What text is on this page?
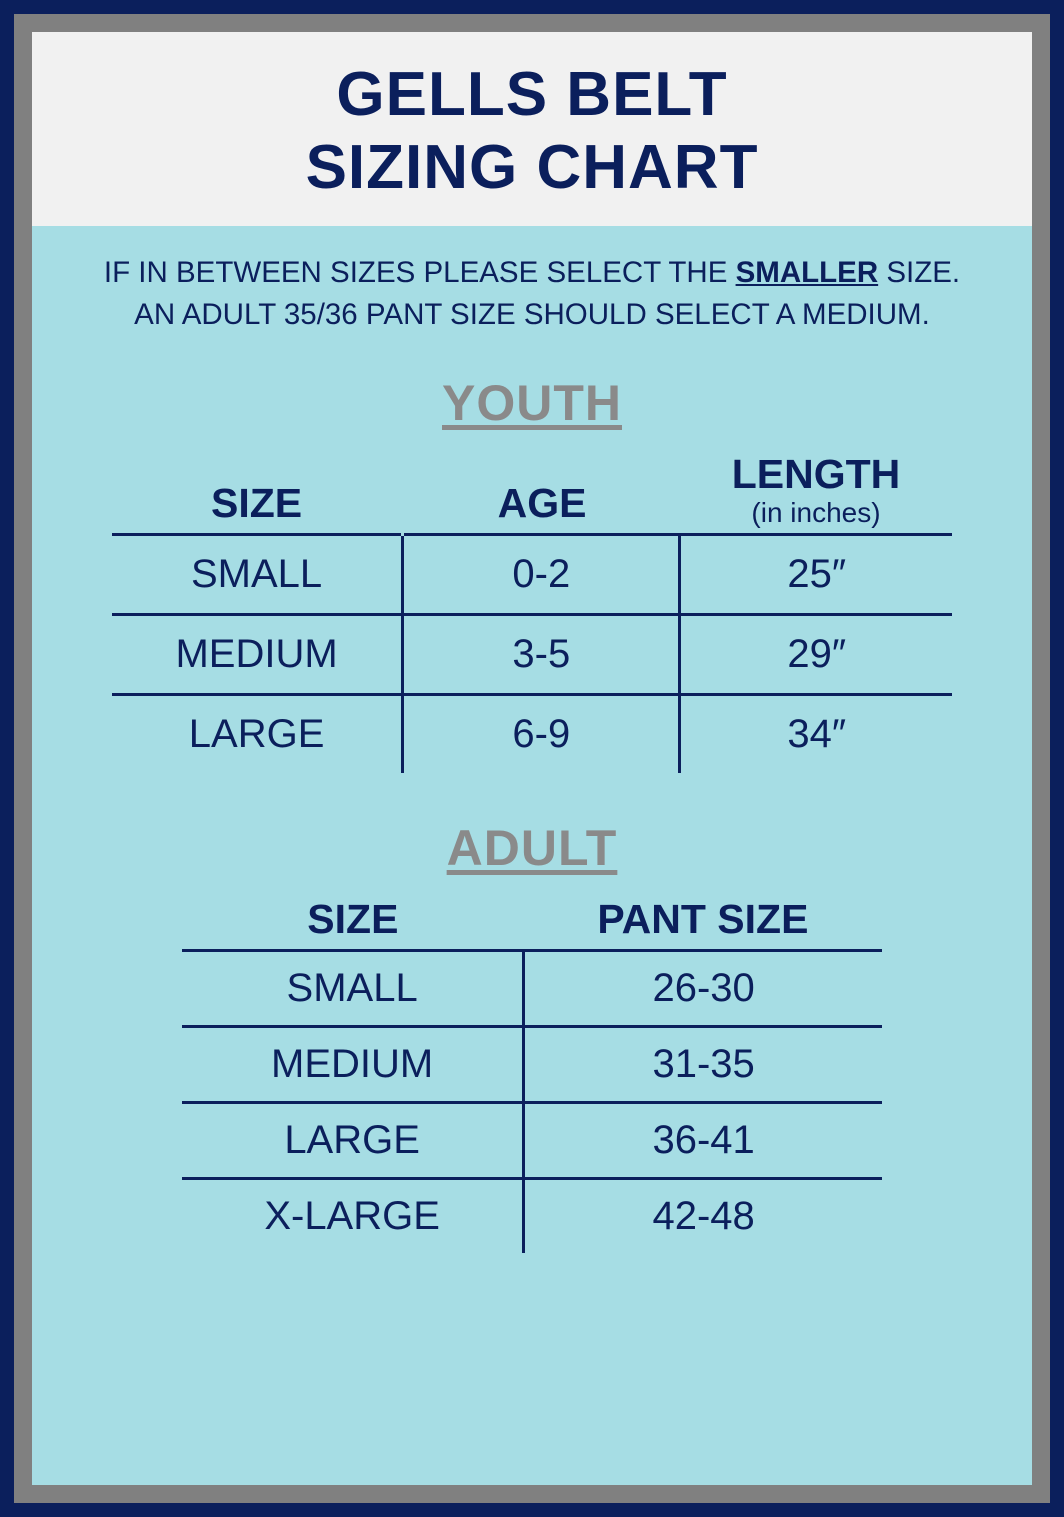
GELLS BELT
SIZING CHART
IF IN BETWEEN SIZES PLEASE SELECT THE SMALLER SIZE.
AN ADULT 35/36 PANT SIZE SHOULD SELECT A MEDIUM.
YOUTH
SIZE	AGE	LENGTH
(in inches)

SMALL	0-2	25″
MEDIUM	3-5	29″
LARGE	6-9	34″
ADULT
SIZE	PANT SIZE
SMALL	26-30
MEDIUM	31-35
LARGE	36-41
X-LARGE	42-48
